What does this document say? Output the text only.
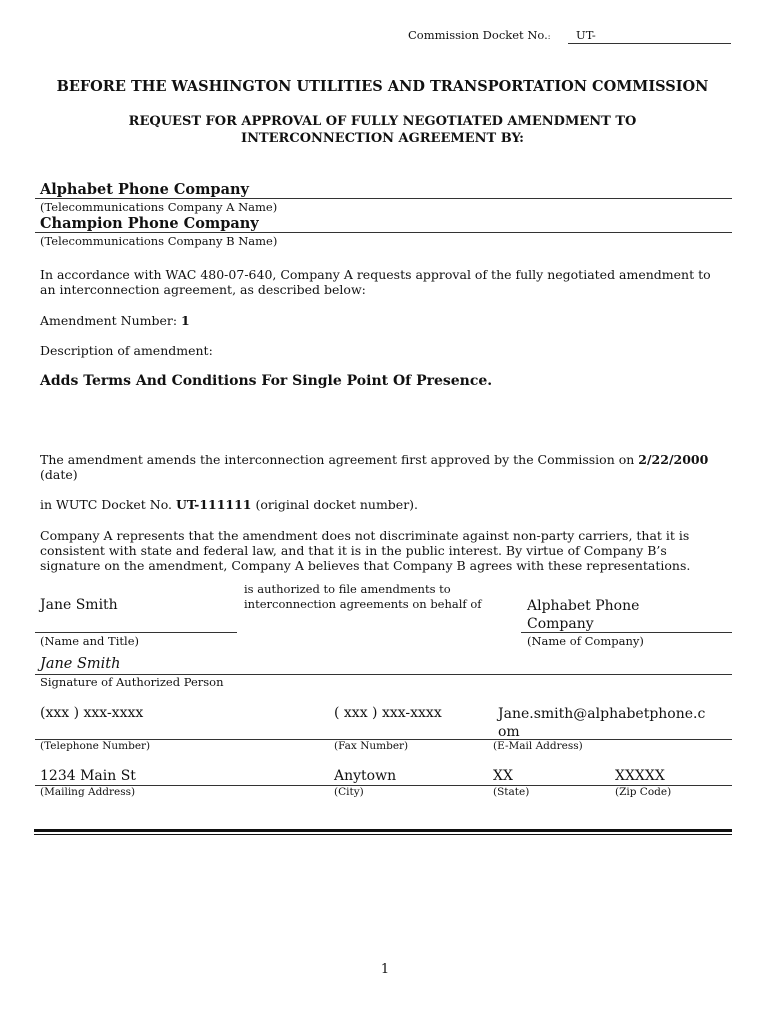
Commission Docket No.: UT-
BEFORE THE WASHINGTON UTILITIES AND TRANSPORTATION COMMISSION
REQUEST FOR APPROVAL OF FULLY NEGOTIATED AMENDMENT TO
INTERCONNECTION AGREEMENT BY:
Alphabet Phone Company
(Telecommunications Company A Name)
Champion Phone Company
(Telecommunications Company B Name)
In accordance with WAC 480-07-640, Company A requests approval of the fully negotiated amendment to
an interconnection agreement, as described below:
Amendment Number: 1
Description of amendment:
Adds Terms And Conditions For Single Point Of Presence.
The amendment amends the interconnection agreement first approved by the Commission on 2/22/2000
(date)
in WUTC Docket No. UT-111111 (original docket number).
Company A represents that the amendment does not discriminate against non-party carriers, that it is
consistent with state and federal law, and that it is in the public interest. By virtue of Company B’s
signature on the amendment, Company A believes that Company B agrees with these representations.
Jane Smith
(Name and Title)
is authorized to file amendments to
interconnection agreements on behalf of	Alphabet Phone
Company
(Name of Company)
Jane Smith
Signature of Authorized Person
(xxx ) xxx-xxxx	( xxx ) xxx-xxxx	Jane.smith@alphabetphone.c
om
(Telephone Number)	(Fax Number)	(E-Mail Address)
1234 Main St	Anytown	XX	XXXXX
(Mailing Address)	(City)	(State)	(Zip Code)
1
